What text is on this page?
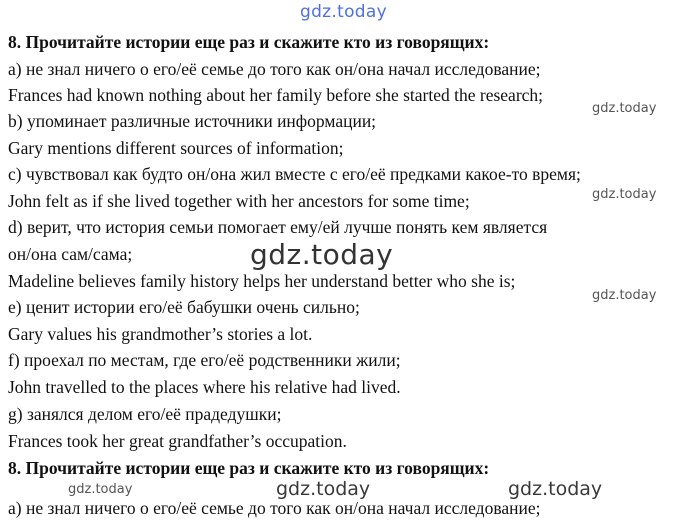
gdz.today
8. Прочитайте истории еще раз и скажите кто из говорящих:
а) не знал ничего о его/её семье до того как он/она начал исследование;
Frances had known nothing about her family before she started the research;
b) упоминает различные источники информации;
Gary mentions different sources of information;
c) чувствовал как будто он/она жил вместе с его/её предками какое-то время;
John felt as if she lived together with her ancestors for some time;
d) верит, что история семьи помогает ему/ей лучше понять кем является
он/она сам/сама;
Madeline believes family history helps her understand better who she is;
e) ценит истории его/её бабушки очень сильно;
Gary values his grandmother’s stories a lot.
f) проехал по местам, где его/её родственники жили;
John travelled to the places where his relative had lived.
g) занялся делом его/её прадедушки;
Frances took her great grandfather’s occupation.
8. Прочитайте истории еще раз и скажите кто из говорящих:
а) не знал ничего о его/её семье до того как он/она начал исследование;
gdz.today
gdz.today
gdz.today
gdz.today
gdz.today	gdz.today	gdz.today
